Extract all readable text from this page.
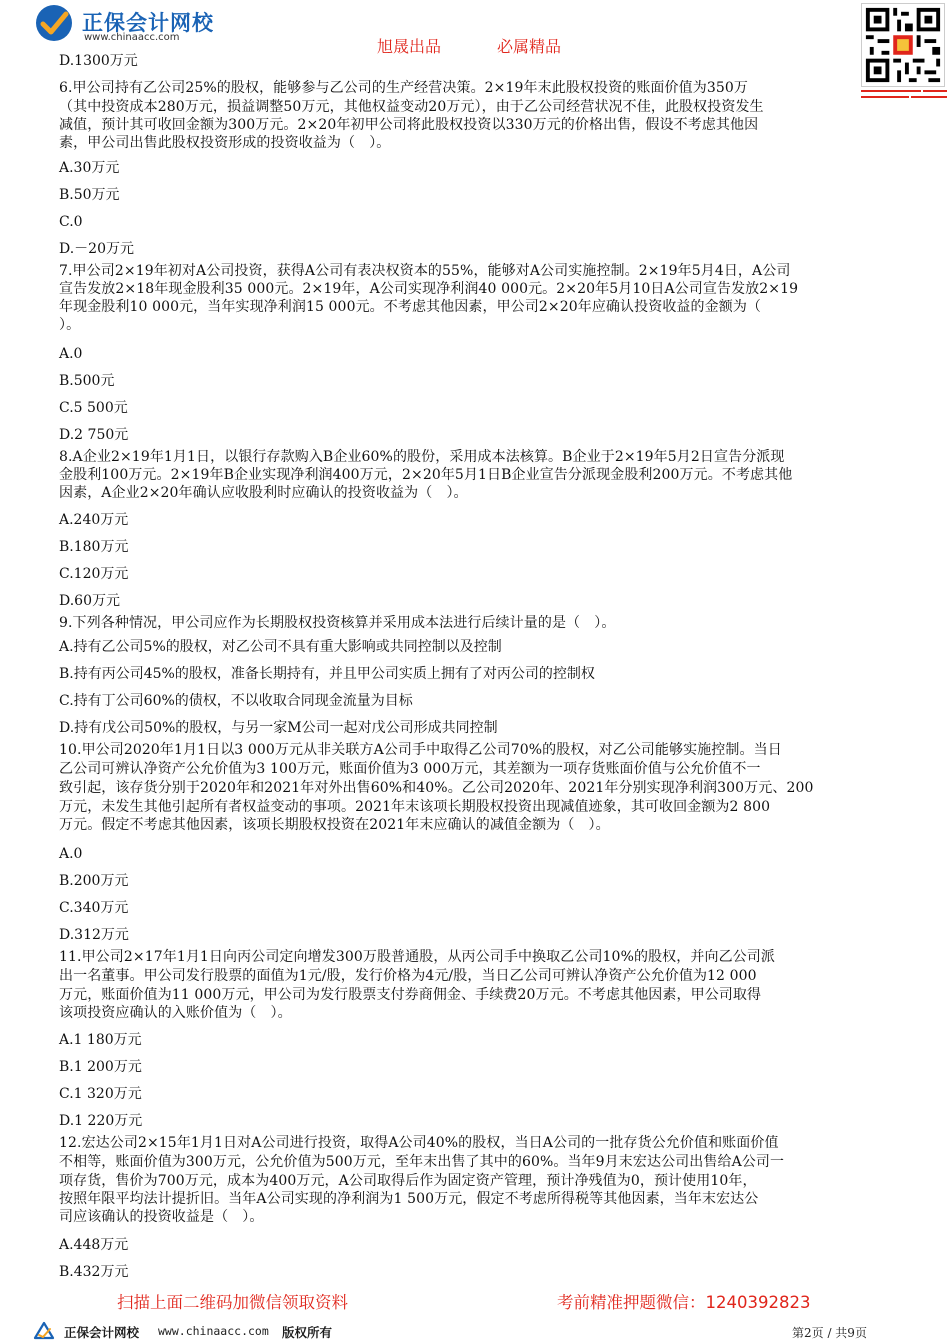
正保会计网校
www.chinaacc.com	旭晟出品	必属精品
D.1300万元
6.甲公司持有乙公司25%的股权，能够参与乙公司的生产经营决策。2×19年末此股权投资的账面价值为350万
（其中投资成本280万元，损益调整50万元，其他权益变动20万元），由于乙公司经营状况不佳，此股权投资发生
减值，预计其可收回金额为300万元。2×20年初甲公司将此股权投资以330万元的价格出售，假设不考虑其他因
素，甲公司出售此股权投资形成的投资收益为（　）。
A.30万元
B.50万元
C.0
D.－20万元
7.甲公司2×19年初对A公司投资，获得A公司有表决权资本的55%，能够对A公司实施控制。2×19年5月4日，A公司
宣告发放2×18年现金股利35 000元。2×19年，A公司实现净利润40 000元。2×20年5月10日A公司宣告发放2×19
年现金股利10 000元，当年实现净利润15 000元。不考虑其他因素，甲公司2×20年应确认投资收益的金额为（
）。
A.0
B.500元
C.5 500元
D.2 750元
8.A企业2×19年1月1日，以银行存款购入B企业60%的股份，采用成本法核算。B企业于2×19年5月2日宣告分派现
金股利100万元。2×19年B企业实现净利润400万元，2×20年5月1日B企业宣告分派现金股利200万元。不考虑其他
因素，A企业2×20年确认应收股利时应确认的投资收益为（　）。
A.240万元
B.180万元
C.120万元
D.60万元
9.下列各种情况，甲公司应作为长期股权投资核算并采用成本法进行后续计量的是（　）。
A.持有乙公司5%的股权，对乙公司不具有重大影响或共同控制以及控制
B.持有丙公司45%的股权，准备长期持有，并且甲公司实质上拥有了对丙公司的控制权
C.持有丁公司60%的债权，不以收取合同现金流量为目标
D.持有戊公司50%的股权，与另一家M公司一起对戊公司形成共同控制
10.甲公司2020年1月1日以3 000万元从非关联方A公司手中取得乙公司70%的股权，对乙公司能够实施控制。当日
乙公司可辨认净资产公允价值为3 100万元，账面价值为3 000万元，其差额为一项存货账面价值与公允价值不一
致引起，该存货分别于2020年和2021年对外出售60%和40%。乙公司2020年、2021年分别实现净利润300万元、200
万元，未发生其他引起所有者权益变动的事项。2021年末该项长期股权投资出现减值迹象，其可收回金额为2 800
万元。假定不考虑其他因素，该项长期股权投资在2021年末应确认的减值金额为（　）。
A.0
B.200万元
C.340万元
D.312万元
11.甲公司2×17年1月1日向丙公司定向增发300万股普通股，从丙公司手中换取乙公司10%的股权，并向乙公司派
出一名董事。甲公司发行股票的面值为1元/股，发行价格为4元/股，当日乙公司可辨认净资产公允价值为12 000
万元，账面价值为11 000万元，甲公司为发行股票支付券商佣金、手续费20万元。不考虑其他因素，甲公司取得
该项投资应确认的入账价值为（　）。
A.1 180万元
B.1 200万元
C.1 320万元
D.1 220万元
12.宏达公司2×15年1月1日对A公司进行投资，取得A公司40%的股权，当日A公司的一批存货公允价值和账面价值
不相等，账面价值为300万元，公允价值为500万元，至年末出售了其中的60%。当年9月末宏达公司出售给A公司一
项存货，售价为700万元，成本为400万元，A公司取得后作为固定资产管理，预计净残值为0，预计使用10年，
按照年限平均法计提折旧。当年A公司实现的净利润为1 500万元，假定不考虑所得税等其他因素，当年末宏达公
司应该确认的投资收益是（　）。
A.448万元
B.432万元
扫描上面二维码加微信领取资料	考前精准押题微信：1240392823
正保会计网校 www.chinaacc.com 版权所有	第2页 / 共9页
